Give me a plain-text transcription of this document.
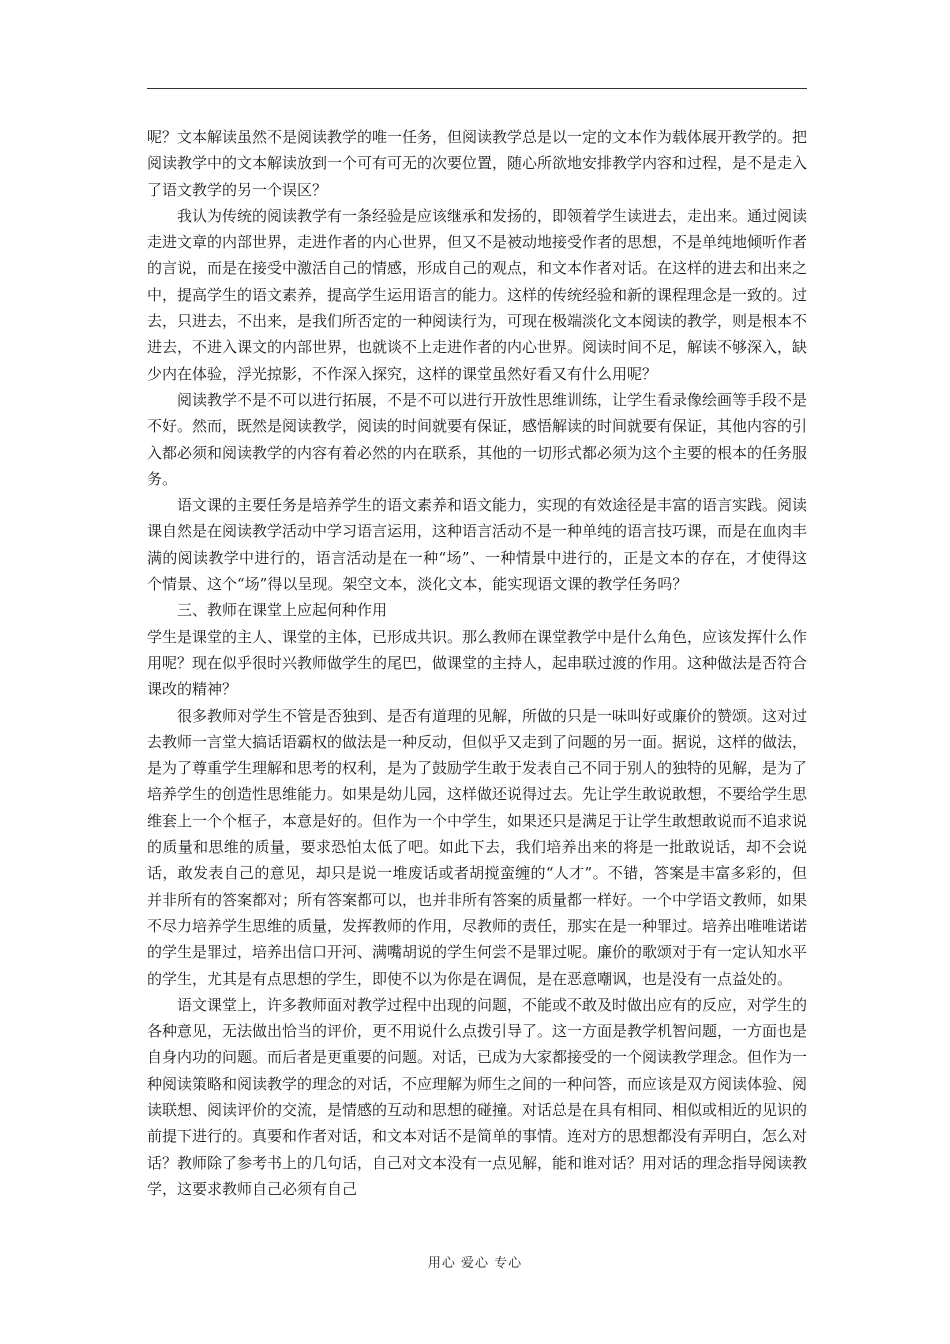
呢？文本解读虽然不是阅读教学的唯一任务，但阅读教学总是以一定的文本作为载体展开教学的。把阅读教学中的文本解读放到一个可有可无的次要位置，随心所欲地安排教学内容和过程，是不是走入了语文教学的另一个误区？

我认为传统的阅读教学有一条经验是应该继承和发扬的，即领着学生读进去，走出来。通过阅读走进文章的内部世界，走进作者的内心世界，但又不是被动地接受作者的思想，不是单纯地倾听作者的言说，而是在接受中激活自己的情感，形成自己的观点，和文本作者对话。在这样的进去和出来之中，提高学生的语文素养，提高学生运用语言的能力。这样的传统经验和新的课程理念是一致的。过去，只进去，不出来，是我们所否定的一种阅读行为，可现在极端淡化文本阅读的教学，则是根本不进去，不进入课文的内部世界，也就谈不上走进作者的内心世界。阅读时间不足，解读不够深入，缺少内在体验，浮光掠影，不作深入探究，这样的课堂虽然好看又有什么用呢？

阅读教学不是不可以进行拓展，不是不可以进行开放性思维训练，让学生看录像绘画等手段不是不好。然而，既然是阅读教学，阅读的时间就要有保证，感悟解读的时间就要有保证，其他内容的引入都必须和阅读教学的内容有着必然的内在联系，其他的一切形式都必须为这个主要的根本的任务服务。

语文课的主要任务是培养学生的语文素养和语文能力，实现的有效途径是丰富的语言实践。阅读课自然是在阅读教学活动中学习语言运用，这种语言活动不是一种单纯的语言技巧课，而是在血肉丰满的阅读教学中进行的，语言活动是在一种“场”、一种情景中进行的，正是文本的存在，才使得这个情景、这个“场”得以呈现。架空文本，淡化文本，能实现语文课的教学任务吗？

三、教师在课堂上应起何种作用

学生是课堂的主人、课堂的主体，已形成共识。那么教师在课堂教学中是什么角色，应该发挥什么作用呢？现在似乎很时兴教师做学生的尾巴，做课堂的主持人，起串联过渡的作用。这种做法是否符合课改的精神？

很多教师对学生不管是否独到、是否有道理的见解，所做的只是一味叫好或廉价的赞颂。这对过去教师一言堂大搞话语霸权的做法是一种反动，但似乎又走到了问题的另一面。据说，这样的做法，是为了尊重学生理解和思考的权利，是为了鼓励学生敢于发表自己不同于别人的独特的见解，是为了培养学生的创造性思维能力。如果是幼儿园，这样做还说得过去。先让学生敢说敢想，不要给学生思维套上一个个框子，本意是好的。但作为一个中学生，如果还只是满足于让学生敢想敢说而不追求说的质量和思维的质量，要求恐怕太低了吧。如此下去，我们培养出来的将是一批敢说话，却不会说话，敢发表自己的意见，却只是说一堆废话或者胡搅蛮缠的“人才”。不错，答案是丰富多彩的，但并非所有的答案都对；所有答案都可以，也并非所有答案的质量都一样好。一个中学语文教师，如果不尽力培养学生思维的质量，发挥教师的作用，尽教师的责任，那实在是一种罪过。培养出唯唯诺诺的学生是罪过，培养出信口开河、满嘴胡说的学生何尝不是罪过呢。廉价的歌颂对于有一定认知水平的学生，尤其是有点思想的学生，即使不以为你是在调侃，是在恶意嘲讽，也是没有一点益处的。

语文课堂上，许多教师面对教学过程中出现的问题，不能或不敢及时做出应有的反应，对学生的各种意见，无法做出恰当的评价，更不用说什么点拨引导了。这一方面是教学机智问题，一方面也是自身内功的问题。而后者是更重要的问题。对话，已成为大家都接受的一个阅读教学理念。但作为一种阅读策略和阅读教学的理念的对话，不应理解为师生之间的一种问答，而应该是双方阅读体验、阅读联想、阅读评价的交流，是情感的互动和思想的碰撞。对话总是在具有相同、相似或相近的见识的前提下进行的。真要和作者对话，和文本对话不是简单的事情。连对方的思想都没有弄明白，怎么对话？教师除了参考书上的几句话，自己对文本没有一点见解，能和谁对话？用对话的理念指导阅读教学，这要求教师自己必须有自己

用心 爱心 专心
